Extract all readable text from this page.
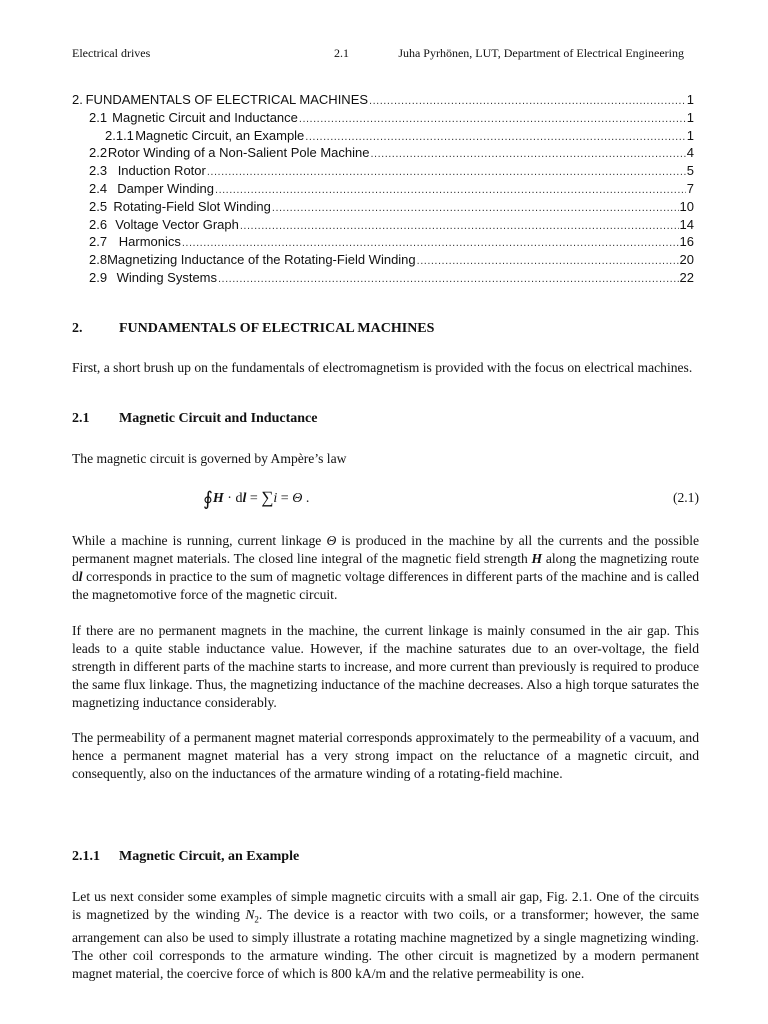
Electrical drives	2.1	Juha Pyrhönen, LUT, Department of Electrical Engineering
2. FUNDAMENTALS OF ELECTRICAL MACHINES .....	1
2.1 Magnetic Circuit and Inductance .....	1
2.1.1 Magnetic Circuit, an Example .....	1
2.2 Rotor Winding of a Non-Salient Pole Machine .....	4
2.3 Induction Rotor .....	5
2.4 Damper Winding .....	7
2.5 Rotating-Field Slot Winding .....	10
2.6 Voltage Vector Graph .....	14
2.7 Harmonics .....	16
2.8 Magnetizing Inductance of the Rotating-Field Winding .....	20
2.9 Winding Systems .....	22
2.	FUNDAMENTALS OF ELECTRICAL MACHINES

First, a short brush up on the fundamentals of electromagnetism is provided with the focus on electrical machines.

2.1 Magnetic Circuit and Inductance

The magnetic circuit is governed by Ampère’s law

∮H · dl = ∑i = Θ .	(2.1)

While a machine is running, current linkage Θ is produced in the machine by all the currents and the possible permanent magnet materials. The closed line integral of the magnetic field strength H along the magnetizing route dl corresponds in practice to the sum of magnetic voltage differences in different parts of the machine and is called the magnetomotive force of the magnetic circuit.

If there are no permanent magnets in the machine, the current linkage is mainly consumed in the air gap. This leads to a quite stable inductance value. However, if the machine saturates due to an over-voltage, the field strength in different parts of the machine starts to increase, and more current than previously is required to produce the same flux linkage. Thus, the magnetizing inductance of the machine decreases. Also a high torque saturates the magnetizing inductance considerably.

The permeability of a permanent magnet material corresponds approximately to the permeability of a vacuum, and hence a permanent magnet material has a very strong impact on the reluctance of a magnetic circuit, and consequently, also on the inductances of the armature winding of a rotating-field machine.

2.1.1 Magnetic Circuit, an Example

Let us next consider some examples of simple magnetic circuits with a small air gap, Fig. 2.1. One of the circuits is magnetized by the winding $N_2$. The device is a reactor with two coils, or a transformer; however, the same arrangement can also be used to simply illustrate a rotating machine magnetized by a single magnetizing winding. The other coil corresponds to the armature winding. The other circuit is magnetized by a modern permanent magnet material, the coercive force of which is 800 kA/m and the relative permeability is one.
